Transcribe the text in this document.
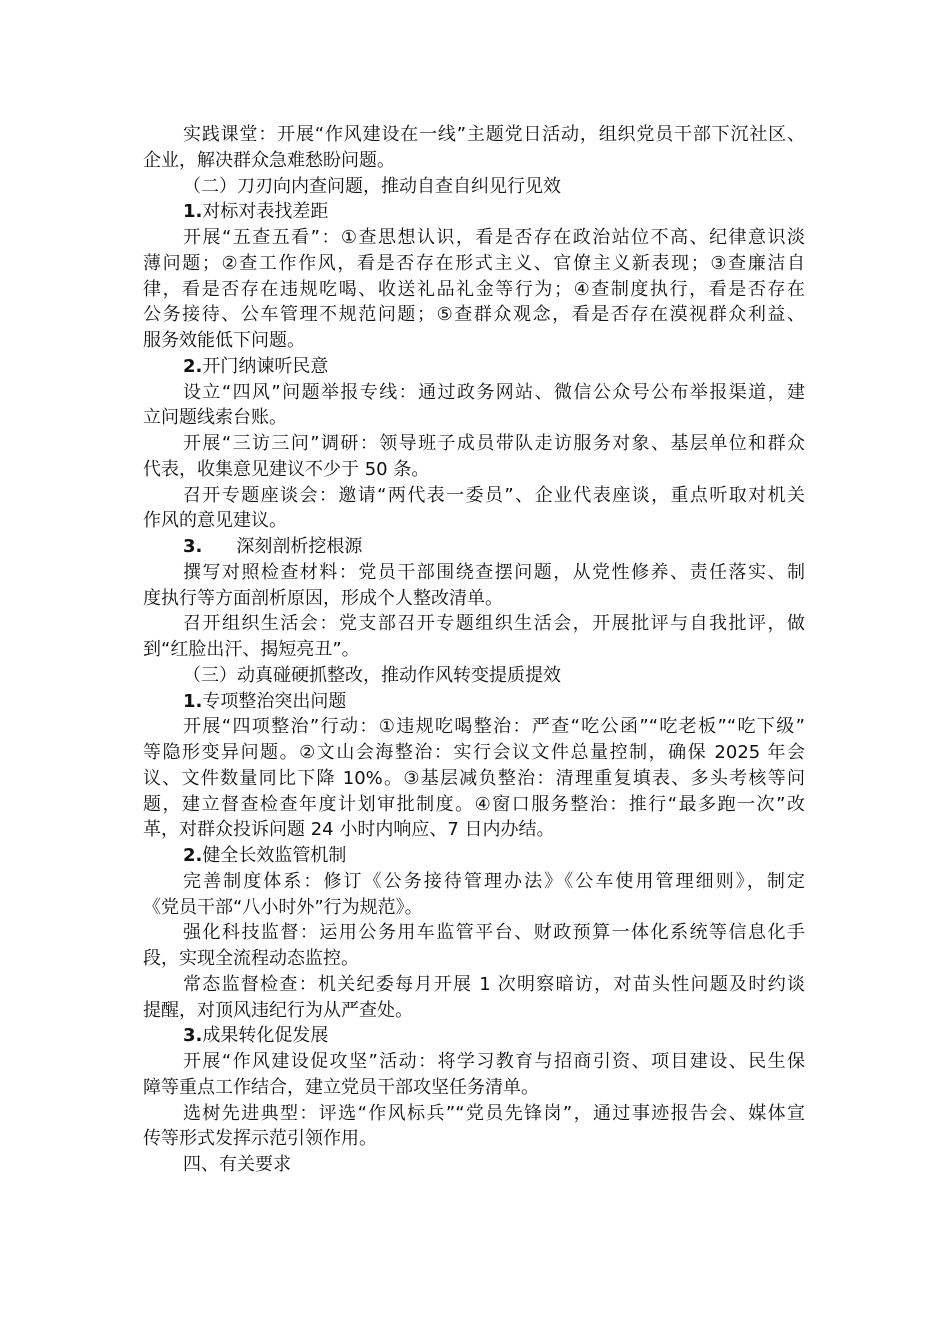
实践课堂：开展“作风建设在一线”主题党日活动，组织党员干部下沉社区、
企业，解决群众急难愁盼问题。
（二）刀刃向内查问题，推动自查自纠见行见效
1.对标对表找差距
开展“五查五看”：①查思想认识，看是否存在政治站位不高、纪律意识淡
薄问题；②查工作作风，看是否存在形式主义、官僚主义新表现；③查廉洁自
律，看是否存在违规吃喝、收送礼品礼金等行为；④查制度执行，看是否存在
公务接待、公车管理不规范问题；⑤查群众观念，看是否存在漠视群众利益、
服务效能低下问题。
2.开门纳谏听民意
设立“四风”问题举报专线：通过政务网站、微信公众号公布举报渠道，建
立问题线索台账。
开展“三访三问”调研：领导班子成员带队走访服务对象、基层单位和群众
代表，收集意见建议不少于 50 条。
召开专题座谈会：邀请“两代表一委员”、企业代表座谈，重点听取对机关
作风的意见建议。
3. 深刻剖析挖根源
撰写对照检查材料：党员干部围绕查摆问题，从党性修养、责任落实、制
度执行等方面剖析原因，形成个人整改清单。
召开组织生活会：党支部召开专题组织生活会，开展批评与自我批评，做
到“红脸出汗、揭短亮丑”。
（三）动真碰硬抓整改，推动作风转变提质提效
1.专项整治突出问题
开展“四项整治”行动：①违规吃喝整治：严查“吃公函”“吃老板”“吃下级”
等隐形变异问题。②文山会海整治：实行会议文件总量控制，确保 2025 年会
议、文件数量同比下降 10%。③基层减负整治：清理重复填表、多头考核等问
题，建立督查检查年度计划审批制度。④窗口服务整治：推行“最多跑一次”改
革，对群众投诉问题 24 小时内响应、7 日内办结。
2.健全长效监管机制
完善制度体系：修订《公务接待管理办法》《公车使用管理细则》，制定
《党员干部“八小时外”行为规范》。
强化科技监督：运用公务用车监管平台、财政预算一体化系统等信息化手
段，实现全流程动态监控。
常态监督检查：机关纪委每月开展 1 次明察暗访，对苗头性问题及时约谈
提醒，对顶风违纪行为从严查处。
3.成果转化促发展
开展“作风建设促攻坚”活动：将学习教育与招商引资、项目建设、民生保
障等重点工作结合，建立党员干部攻坚任务清单。
选树先进典型：评选“作风标兵”“党员先锋岗”，通过事迹报告会、媒体宣
传等形式发挥示范引领作用。
四、有关要求
